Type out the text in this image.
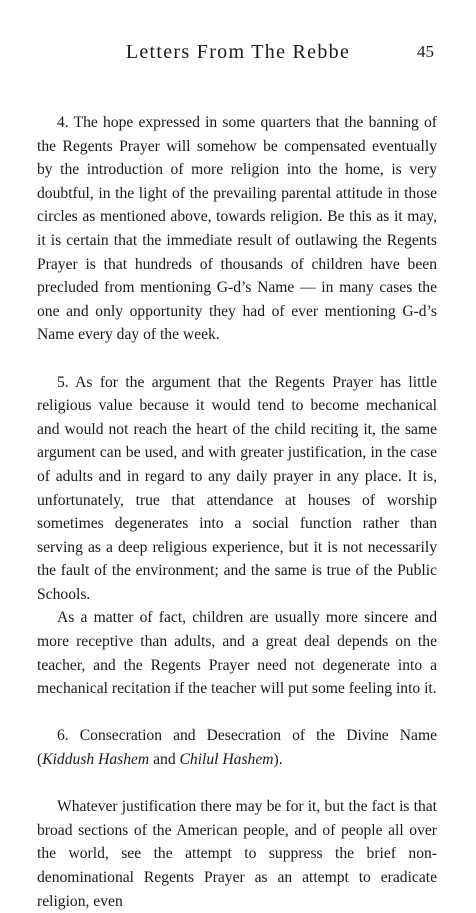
Letters From The Rebbe	45

4. The hope expressed in some quarters that the banning of the Regents Prayer will somehow be compensated eventually by the introduction of more religion into the home, is very doubtful, in the light of the prevailing parental attitude in those circles as mentioned above, towards religion. Be this as it may, it is certain that the immediate result of outlawing the Regents Prayer is that hundreds of thousands of children have been precluded from mentioning G-d’s Name — in many cases the one and only opportunity they had of ever mentioning G-d’s Name every day of the week.

5. As for the argument that the Regents Prayer has little religious value because it would tend to become mechanical and would not reach the heart of the child reciting it, the same argument can be used, and with greater justification, in the case of adults and in regard to any daily prayer in any place. It is, unfortunately, true that attendance at houses of worship sometimes degenerates into a social function rather than serving as a deep religious experience, but it is not necessarily the fault of the environment; and the same is true of the Public Schools.

As a matter of fact, children are usually more sincere and more receptive than adults, and a great deal depends on the teacher, and the Regents Prayer need not degenerate into a mechanical recitation if the teacher will put some feeling into it.

6. Consecration and Desecration of the Divine Name (Kiddush Hashem and Chilul Hashem).

Whatever justification there may be for it, but the fact is that broad sections of the American people, and of people all over the world, see the attempt to suppress the brief non-denominational Regents Prayer as an attempt to eradicate religion, even
